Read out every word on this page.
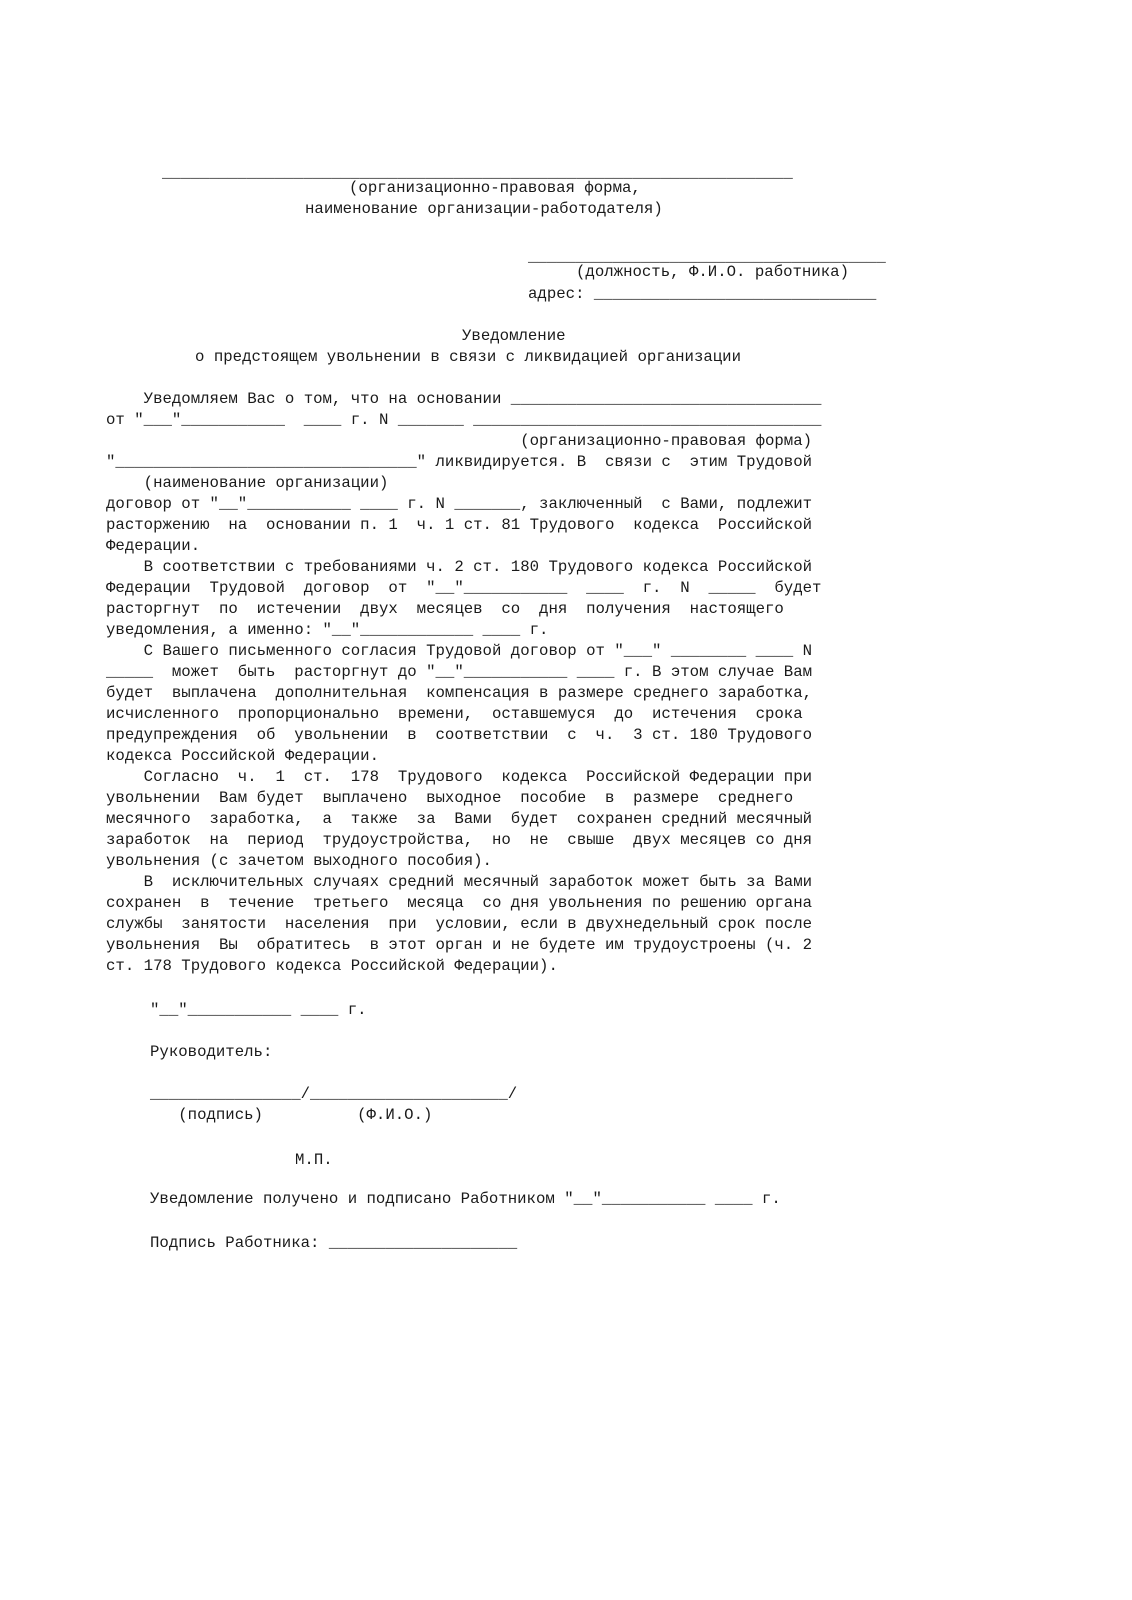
___________________________________________________________________
(организационно-правовая форма,
наименование организации-работодателя)
______________________________________
(должность, Ф.И.О. работника)
адрес: ______________________________
Уведомление
о предстоящем увольнении в связи с ликвидацией организации
Уведомляем Вас о том, что на основании _________________________________
от "___"___________  ____ г. N _______ _____________________________________
(организационно-правовая форма)
"________________________________" ликвидируется. В  связи с  этим Трудовой
(наименование организации)
договор от "__"___________ ____ г. N _______, заключенный  с Вами, подлежит
расторжению  на  основании п. 1  ч. 1 ст. 81 Трудового  кодекса  Российской
Федерации.
В соответствии с требованиями ч. 2 ст. 180 Трудового кодекса Российской
Федерации  Трудовой  договор  от  "__"___________  ____  г.  N  _____  будет
расторгнут  по  истечении  двух  месяцев  со  дня  получения  настоящего
уведомления, а именно: "__"____________ ____ г.
С Вашего письменного согласия Трудовой договор от "___" ________ ____ N
_____  может  быть  расторгнут до "__"___________ ____ г. В этом случае Вам
будет  выплачена  дополнительная  компенсация в размере среднего заработка,
исчисленного  пропорционально  времени,  оставшемуся  до  истечения  срока
предупреждения  об  увольнении  в  соответствии  с  ч.  3 ст. 180 Трудового
кодекса Российской Федерации.
Согласно  ч.  1  ст.  178  Трудового  кодекса  Российской Федерации при
увольнении  Вам будет  выплачено  выходное  пособие  в  размере  среднего
месячного  заработка,  а  также  за  Вами  будет  сохранен средний месячный
заработок  на  период  трудоустройства,  но  не  свыше  двух месяцев со дня
увольнения (с зачетом выходного пособия).
В  исключительных случаях средний месячный заработок может быть за Вами
сохранен  в  течение  третьего  месяца  со дня увольнения по решению органа
службы  занятости  населения  при  условии, если в двухнедельный срок после
увольнения  Вы  обратитесь  в этот орган и не будете им трудоустроены (ч. 2
ст. 178 Трудового кодекса Российской Федерации).
"__"___________ ____ г.
Руководитель:
________________/_____________________/
(подпись)          (Ф.И.О.)
М.П.
Уведомление получено и подписано Работником "__"___________ ____ г.
Подпись Работника: ____________________
